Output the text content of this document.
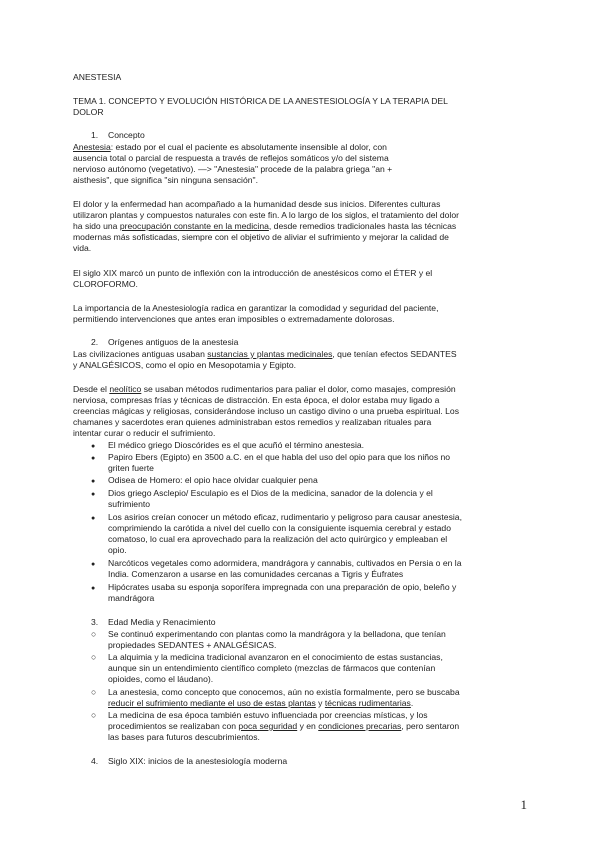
ANESTESIA
TEMA 1. CONCEPTO Y EVOLUCIÓN HISTÓRICA DE LA ANESTESIOLOGÍA Y LA TERAPIA DEL
DOLOR
1. Concepto
Anestesia: estado por el cual el paciente es absolutamente insensible al dolor, con
ausencia total o parcial de respuesta a través de reflejos somáticos y/o del sistema
nervioso autónomo (vegetativo). —> "Anestesia" procede de la palabra griega "an +
aisthesis", que significa "sin ninguna sensación".
El dolor y la enfermedad han acompañado a la humanidad desde sus inicios. Diferentes culturas
utilizaron plantas y compuestos naturales con este fin. A lo largo de los siglos, el tratamiento del dolor
ha sido una preocupación constante en la medicina, desde remedios tradicionales hasta las técnicas
modernas más sofisticadas, siempre con el objetivo de aliviar el sufrimiento y mejorar la calidad de
vida.
El siglo XIX marcó un punto de inflexión con la introducción de anestésicos como el ÉTER y el
CLOROFORMO.
La importancia de la Anestesiología radica en garantizar la comodidad y seguridad del paciente,
permitiendo intervenciones que antes eran imposibles o extremadamente dolorosas.
2. Orígenes antiguos de la anestesia
Las civilizaciones antiguas usaban sustancias y plantas medicinales, que tenían efectos SEDANTES
y ANALGÉSICOS, como el opio en Mesopotamia y Egipto.
Desde el neolítico se usaban métodos rudimentarios para paliar el dolor, como masajes, compresión
nerviosa, compresas frías y técnicas de distracción. En esta época, el dolor estaba muy ligado a
creencias mágicas y religiosas, considerándose incluso un castigo divino o una prueba espiritual. Los
chamanes y sacerdotes eran quienes administraban estos remedios y realizaban rituales para
intentar curar o reducir el sufrimiento.
● El médico griego Dioscórides es el que acuñó el término anestesia.
● Papiro Ebers (Egipto) en 3500 a.C. en el que habla del uso del opio para que los niños no
griten fuerte
● Odisea de Homero: el opio hace olvidar cualquier pena
● Dios griego Asclepio/ Esculapio es el Dios de la medicina, sanador de la dolencia y el
sufrimiento
● Los asirios creían conocer un método eficaz, rudimentario y peligroso para causar anestesia,
comprimiendo la carótida a nivel del cuello con la consiguiente isquemia cerebral y estado
comatoso, lo cual era aprovechado para la realización del acto quirúrgico y empleaban el
opio.
● Narcóticos vegetales como adormidera, mandrágora y cannabis, cultivados en Persia o en la
India. Comenzaron a usarse en las comunidades cercanas a Tigris y Éufrates
● Hipócrates usaba su esponja soporífera impregnada con una preparación de opio, beleño y
mandrágora
3. Edad Media y Renacimiento
○ Se continuó experimentando con plantas como la mandrágora y la belladona, que tenían
propiedades SEDANTES + ANALGÉSICAS.
○ La alquimia y la medicina tradicional avanzaron en el conocimiento de estas sustancias,
aunque sin un entendimiento científico completo (mezclas de fármacos que contenían
opioides, como el láudano).
○ La anestesia, como concepto que conocemos, aún no existía formalmente, pero se buscaba
reducir el sufrimiento mediante el uso de estas plantas y técnicas rudimentarias.
○ La medicina de esa época también estuvo influenciada por creencias místicas, y los
procedimientos se realizaban con poca seguridad y en condiciones precarias, pero sentaron
las bases para futuros descubrimientos.
4. Siglo XIX: inicios de la anestesiología moderna
1
